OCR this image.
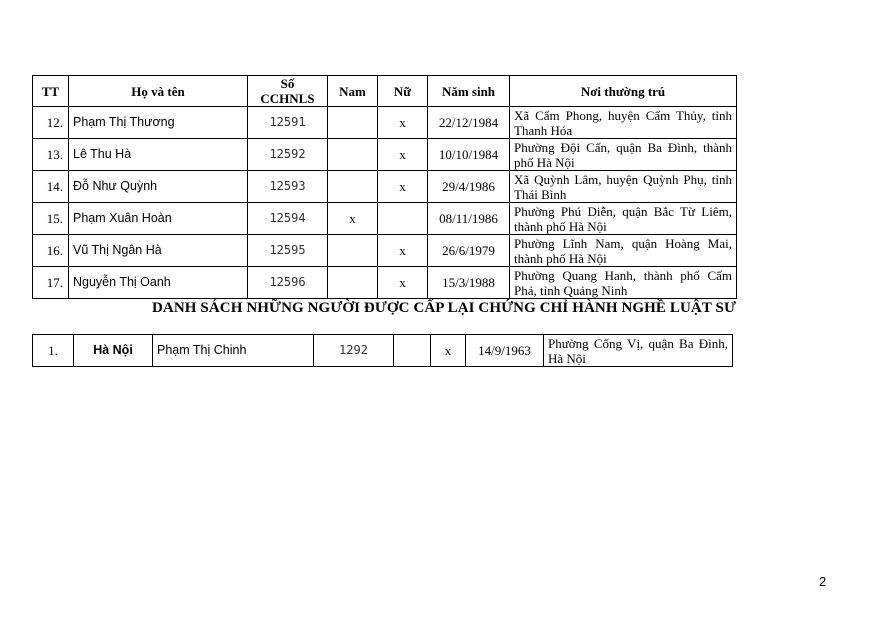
TT	Họ và tên	Số CCHNLS	Nam	Nữ	Năm sinh	Nơi thường trú
12.	Phạm Thị Thương	12591		x	22/12/1984	Xã Cẩm Phong, huyện Cẩm Thủy, tỉnh Thanh Hóa
13.	Lê Thu Hà	12592		x	10/10/1984	Phường Đội Cấn, quận Ba Đình, thành phố Hà Nội
14.	Đỗ Như Quỳnh	12593		x	29/4/1986	Xã Quỳnh Lâm, huyện Quỳnh Phụ, tỉnh Thái Bình
15.	Phạm Xuân Hoàn	12594	x		08/11/1986	Phường Phú Diễn, quận Bắc Từ Liêm, thành phố Hà Nội
16.	Vũ Thị Ngân Hà	12595		x	26/6/1979	Phường Lĩnh Nam, quận Hoàng Mai, thành phố Hà Nội
17.	Nguyễn Thị Oanh	12596		x	15/3/1988	Phường Quang Hanh, thành phố Cẩm Phả, tỉnh Quảng Ninh
DANH SÁCH NHỮNG NGƯỜI ĐƯỢC CẤP LẠI CHỨNG CHỈ HÀNH NGHỀ LUẬT SƯ
1.	Hà Nội	Phạm Thị Chinh	1292		x	14/9/1963	Phường Cống Vị, quận Ba Đình, Hà Nội
2
